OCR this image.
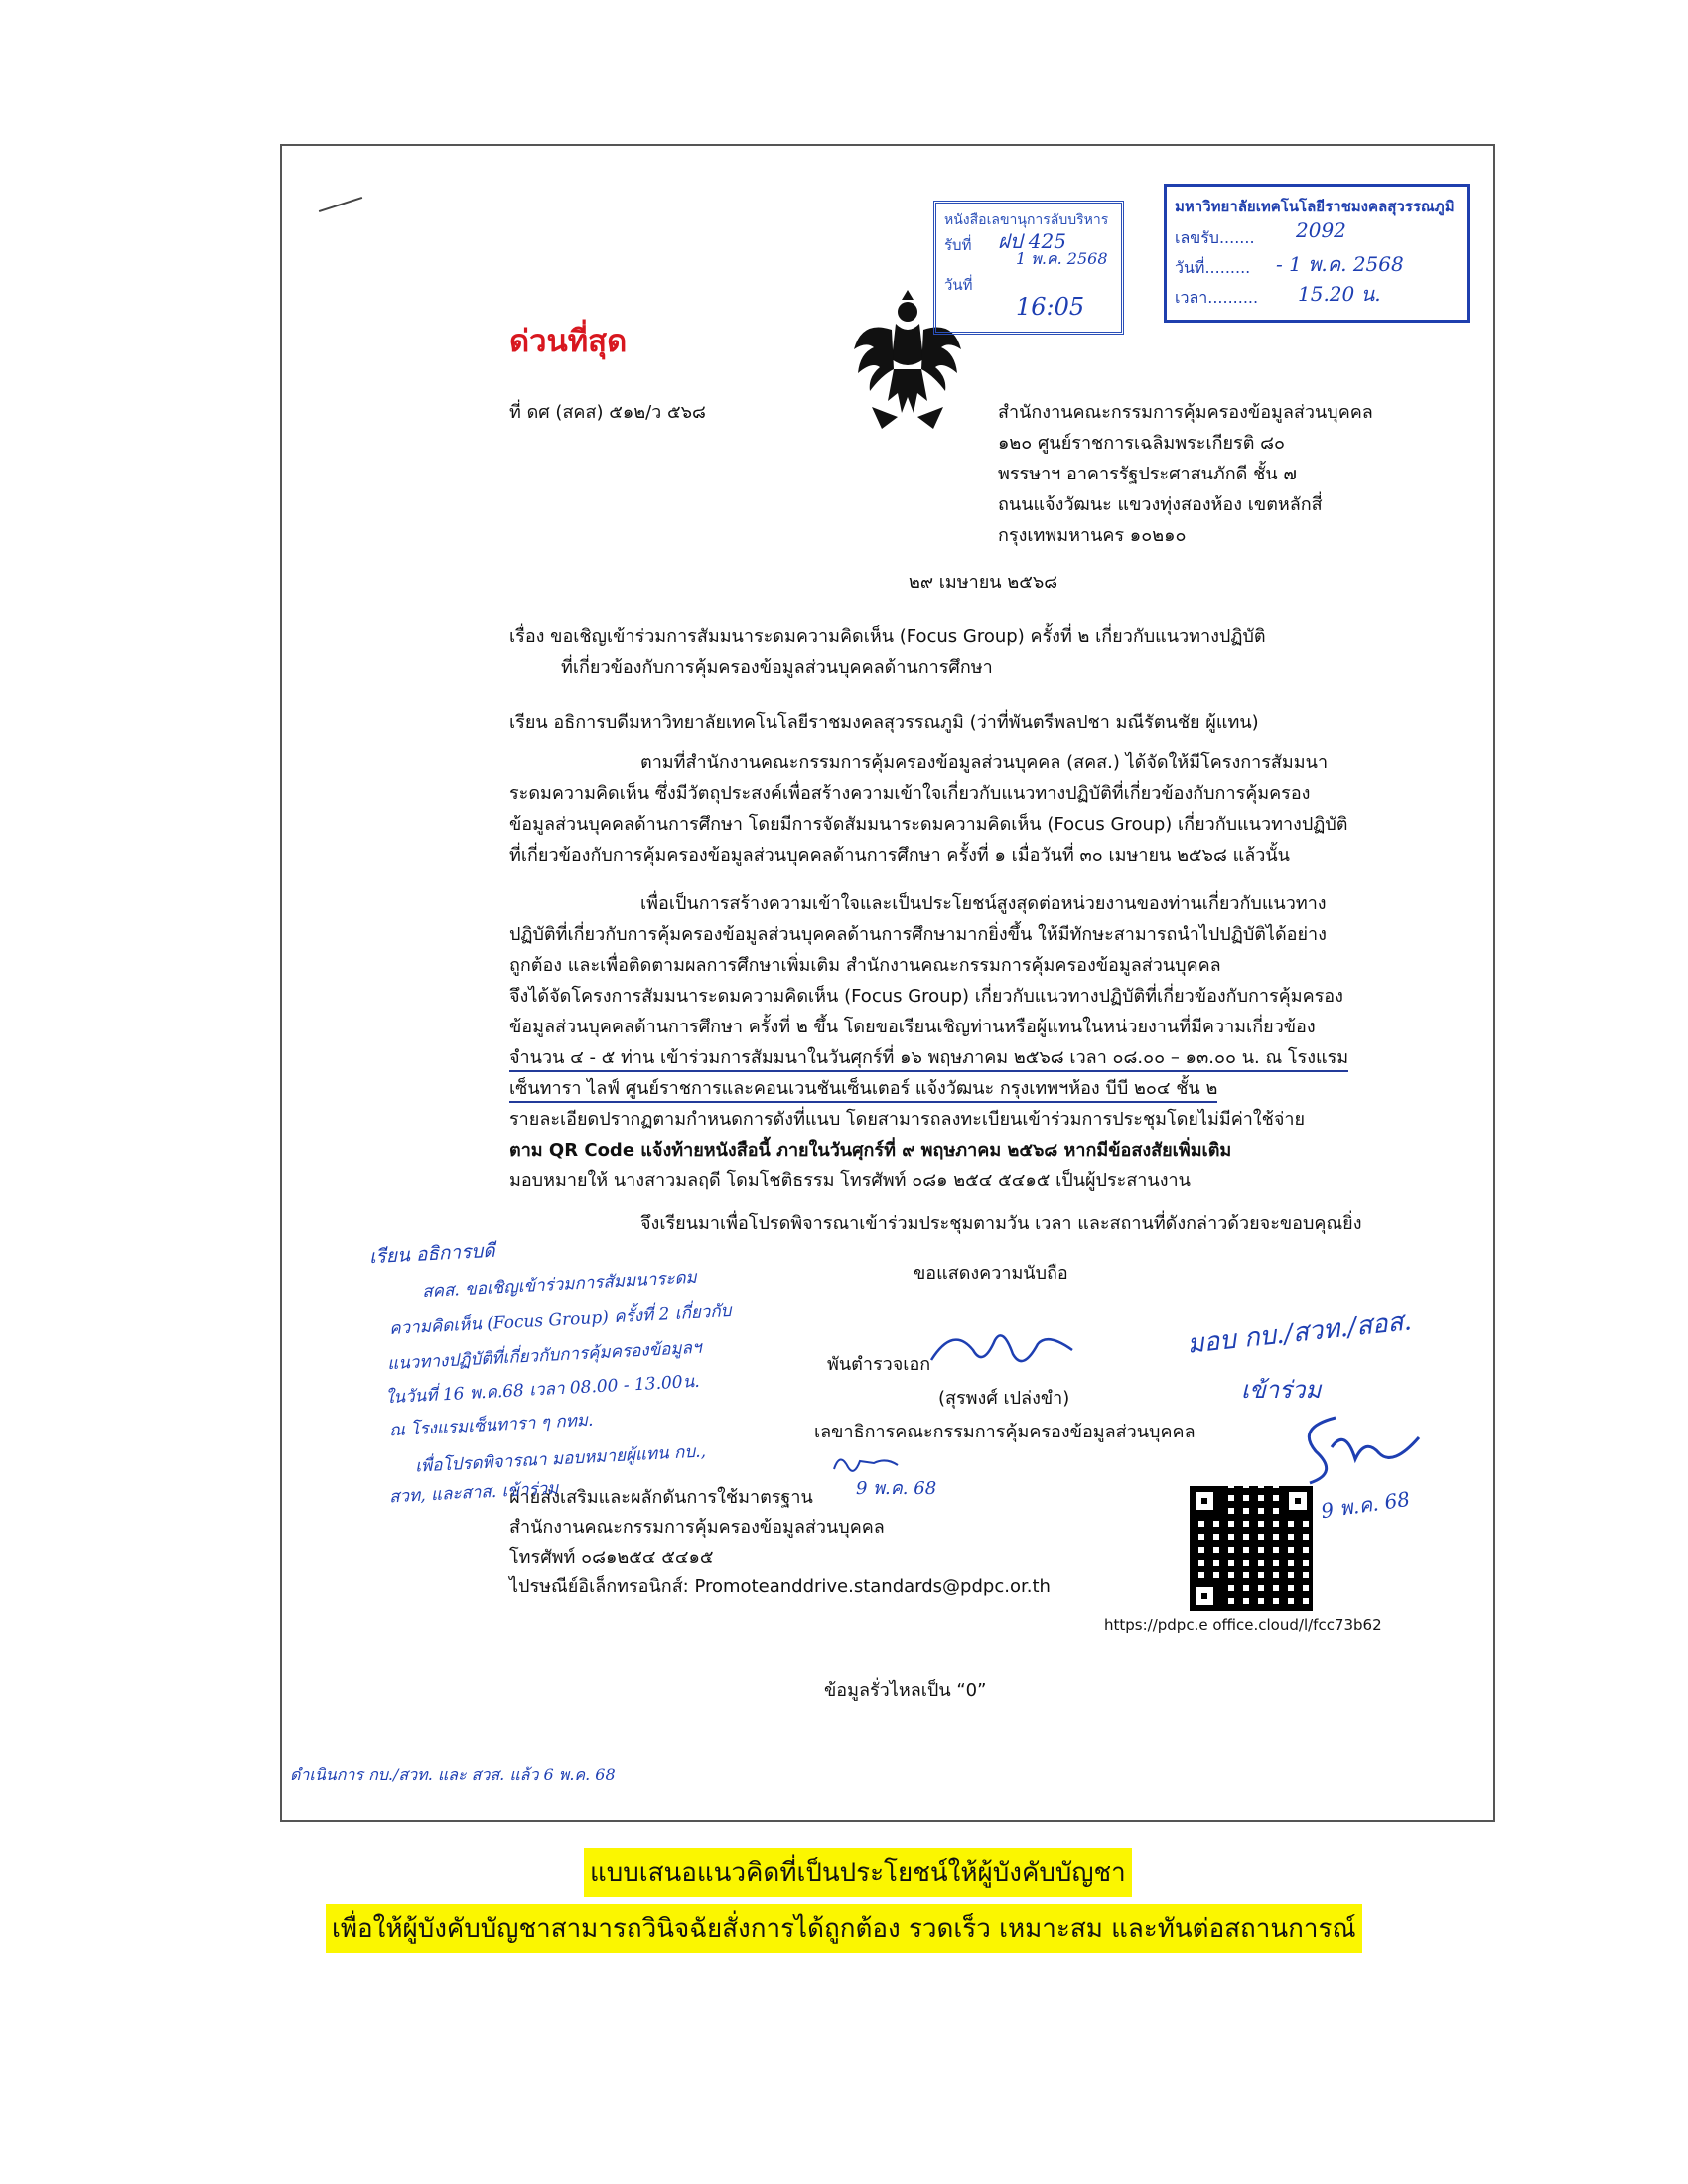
หนังสือเลขานุการลับบริหาร
รับที่ ฝป 425
1 พ.ค. 2568
วันที่
16:05
มหาวิทยาลัยเทคโนโลยีราชมงคลสุวรรณภูมิ
เลขรับ....... 2092
วันที่......... - 1 พ.ค. 2568
เวลา.......... 15.20 น.
ด่วนที่สุด
ที่ ดศ (สคส) ๕๑๒/ว ๕๖๘	สำนักงานคณะกรรมการคุ้มครองข้อมูลส่วนบุคคล
๑๒๐ ศูนย์ราชการเฉลิมพระเกียรติ ๘๐
พรรษาฯ อาคารรัฐประศาสนภักดี ชั้น ๗
ถนนแจ้งวัฒนะ แขวงทุ่งสองห้อง เขตหลักสี่
กรุงเทพมหานคร ๑๐๒๑๐
๒๙ เมษายน ๒๕๖๘
เรื่อง ขอเชิญเข้าร่วมการสัมมนาระดมความคิดเห็น (Focus Group) ครั้งที่ ๒ เกี่ยวกับแนวทางปฏิบัติ
ที่เกี่ยวข้องกับการคุ้มครองข้อมูลส่วนบุคคลด้านการศึกษา
เรียน อธิการบดีมหาวิทยาลัยเทคโนโลยีราชมงคลสุวรรณภูมิ (ว่าที่พันตรีพลปชา มณีรัตนชัย ผู้แทน)
ตามที่สำนักงานคณะกรรมการคุ้มครองข้อมูลส่วนบุคคล (สคส.) ได้จัดให้มีโครงการสัมมนา
ระดมความคิดเห็น ซึ่งมีวัตถุประสงค์เพื่อสร้างความเข้าใจเกี่ยวกับแนวทางปฏิบัติที่เกี่ยวข้องกับการคุ้มครอง
ข้อมูลส่วนบุคคลด้านการศึกษา โดยมีการจัดสัมมนาระดมความคิดเห็น (Focus Group) เกี่ยวกับแนวทางปฏิบัติ
ที่เกี่ยวข้องกับการคุ้มครองข้อมูลส่วนบุคคลด้านการศึกษา ครั้งที่ ๑ เมื่อวันที่ ๓๐ เมษายน ๒๕๖๘ แล้วนั้น
เพื่อเป็นการสร้างความเข้าใจและเป็นประโยชน์สูงสุดต่อหน่วยงานของท่านเกี่ยวกับแนวทาง
ปฏิบัติที่เกี่ยวกับการคุ้มครองข้อมูลส่วนบุคคลด้านการศึกษามากยิ่งขึ้น ให้มีทักษะสามารถนำไปปฏิบัติได้อย่าง
ถูกต้อง และเพื่อติดตามผลการศึกษาเพิ่มเติม สำนักงานคณะกรรมการคุ้มครองข้อมูลส่วนบุคคล
จึงได้จัดโครงการสัมมนาระดมความคิดเห็น (Focus Group) เกี่ยวกับแนวทางปฏิบัติที่เกี่ยวข้องกับการคุ้มครอง
ข้อมูลส่วนบุคคลด้านการศึกษา ครั้งที่ ๒ ขึ้น โดยขอเรียนเชิญท่านหรือผู้แทนในหน่วยงานที่มีความเกี่ยวข้อง
จำนวน ๔ - ๕ ท่าน เข้าร่วมการสัมมนาในวันศุกร์ที่ ๑๖ พฤษภาคม ๒๕๖๘ เวลา ๐๘.๐๐ – ๑๓.๐๐ น. ณ โรงแรม
เซ็นทารา ไลฟ์ ศูนย์ราชการและคอนเวนชันเซ็นเตอร์ แจ้งวัฒนะ กรุงเทพฯห้อง บีบี ๒๐๔ ชั้น ๒
รายละเอียดปรากฏตามกำหนดการดังที่แนบ โดยสามารถลงทะเบียนเข้าร่วมการประชุมโดยไม่มีค่าใช้จ่าย
ตาม QR Code แจ้งท้ายหนังสือนี้ ภายในวันศุกร์ที่ ๙ พฤษภาคม ๒๕๖๘ หากมีข้อสงสัยเพิ่มเติม
มอบหมายให้ นางสาวมลฤดี โดมโชติธรรม โทรศัพท์ ๐๘๑ ๒๕๔ ๕๔๑๕ เป็นผู้ประสานงาน
จึงเรียนมาเพื่อโปรดพิจารณาเข้าร่วมประชุมตามวัน เวลา และสถานที่ดังกล่าวด้วยจะขอบคุณยิ่ง
ขอแสดงความนับถือ
พันตำรวจเอก
(สุรพงศ์ เปล่งขำ)
เลขาธิการคณะกรรมการคุ้มครองข้อมูลส่วนบุคคล
9 พ.ค. 68
ฝ่ายส่งเสริมและผลักดันการใช้มาตรฐาน
สำนักงานคณะกรรมการคุ้มครองข้อมูลส่วนบุคคล
โทรศัพท์ ๐๘๑๒๕๔ ๕๔๑๕
ไปรษณีย์อิเล็กทรอนิกส์: Promoteanddrive.standards@pdpc.or.th
https://pdpc.e office.cloud/l/fcc73b62
ข้อมูลรั่วไหลเป็น “0”
เรียน อธิการบดี
สคส. ขอเชิญเข้าร่วมการสัมมนาระดม
ความคิดเห็น (Focus Group) ครั้งที่ 2 เกี่ยวกับ
แนวทางปฏิบัติที่เกี่ยวกับการคุ้มครองข้อมูลฯ
ในวันที่ 16 พ.ค.68 เวลา 08.00 - 13.00น.
ณ โรงแรมเซ็นทารา ๆ กทม.
เพื่อโปรดพิจารณา มอบหมายผู้แทน กบ.,
สวท, และสาส. เข้าร่วม
มอบ กบ./สวท./สอส.
เข้าร่วม
9 พ.ค. 68
ดำเนินการ กบ./สวท. และ สวส. แล้ว 6 พ.ค. 68
แบบเสนอแนวคิดที่เป็นประโยชน์ให้ผู้บังคับบัญชา
เพื่อให้ผู้บังคับบัญชาสามารถวินิจฉัยสั่งการได้ถูกต้อง รวดเร็ว เหมาะสม และทันต่อสถานการณ์
